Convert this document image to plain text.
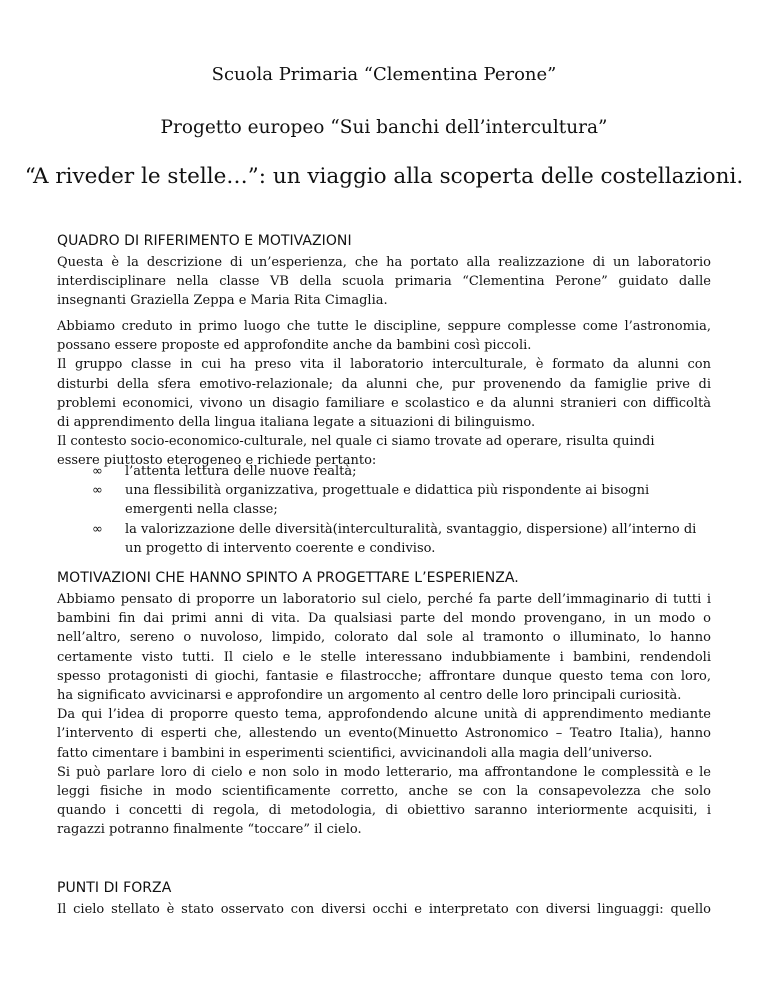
Scuola Primaria “Clementina Perone”
Progetto europeo “Sui banchi dell’intercultura”
“A riveder le stelle…”: un viaggio alla scoperta delle costellazioni.
QUADRO DI RIFERIMENTO E MOTIVAZIONI
Questa è la descrizione di un’esperienza, che ha portato alla realizzazione di un laboratorio
interdisciplinare nella classe VB della scuola primaria “Clementina Perone” guidato dalle
insegnanti Graziella Zeppa e Maria Rita Cimaglia.
Abbiamo creduto in primo luogo che tutte le discipline, seppure complesse come l’astronomia,
possano essere proposte ed approfondite anche da bambini così piccoli.
Il gruppo classe in cui ha preso vita il laboratorio interculturale, è formato da alunni con
disturbi della sfera emotivo-relazionale; da alunni che, pur provenendo da famiglie prive di
problemi economici, vivono un disagio familiare e scolastico e da alunni stranieri con difficoltà
di apprendimento della lingua italiana legate a situazioni di bilinguismo.
Il contesto socio-economico-culturale, nel quale ci siamo trovate ad operare, risulta quindi
essere piuttosto eterogeneo e richiede pertanto:
∞ l’attenta lettura delle nuove realtà;
∞ una flessibilità organizzativa, progettuale e didattica più rispondente ai bisogni
emergenti nella classe;
∞ la valorizzazione delle diversità(interculturalità, svantaggio, dispersione) all’interno di
un progetto di intervento coerente e condiviso.
MOTIVAZIONI CHE HANNO SPINTO A PROGETTARE L’ESPERIENZA.
Abbiamo pensato di proporre un laboratorio sul cielo, perché fa parte dell’immaginario di tutti i
bambini fin dai primi anni di vita. Da qualsiasi parte del mondo provengano, in un modo o
nell’altro, sereno o nuvoloso, limpido, colorato dal sole al tramonto o illuminato, lo hanno
certamente visto tutti. Il cielo e le stelle interessano indubbiamente i bambini, rendendoli
spesso protagonisti di giochi, fantasie e filastrocche; affrontare dunque questo tema con loro,
ha significato avvicinarsi e approfondire un argomento al centro delle loro principali curiosità.
Da qui l’idea di proporre questo tema, approfondendo alcune unità di apprendimento mediante
l’intervento di esperti che, allestendo un evento(Minuetto Astronomico – Teatro Italia), hanno
fatto cimentare i bambini in esperimenti scientifici, avvicinandoli alla magia dell’universo.
Si può parlare loro di cielo e non solo in modo letterario, ma affrontandone le complessità e le
leggi fisiche in modo scientificamente corretto, anche se con la consapevolezza che solo
quando i concetti di regola, di metodologia, di obiettivo saranno interiormente acquisiti, i
ragazzi potranno finalmente “toccare” il cielo.
PUNTI DI FORZA
Il cielo stellato è stato osservato con diversi occhi e interpretato con diversi linguaggi: quello
